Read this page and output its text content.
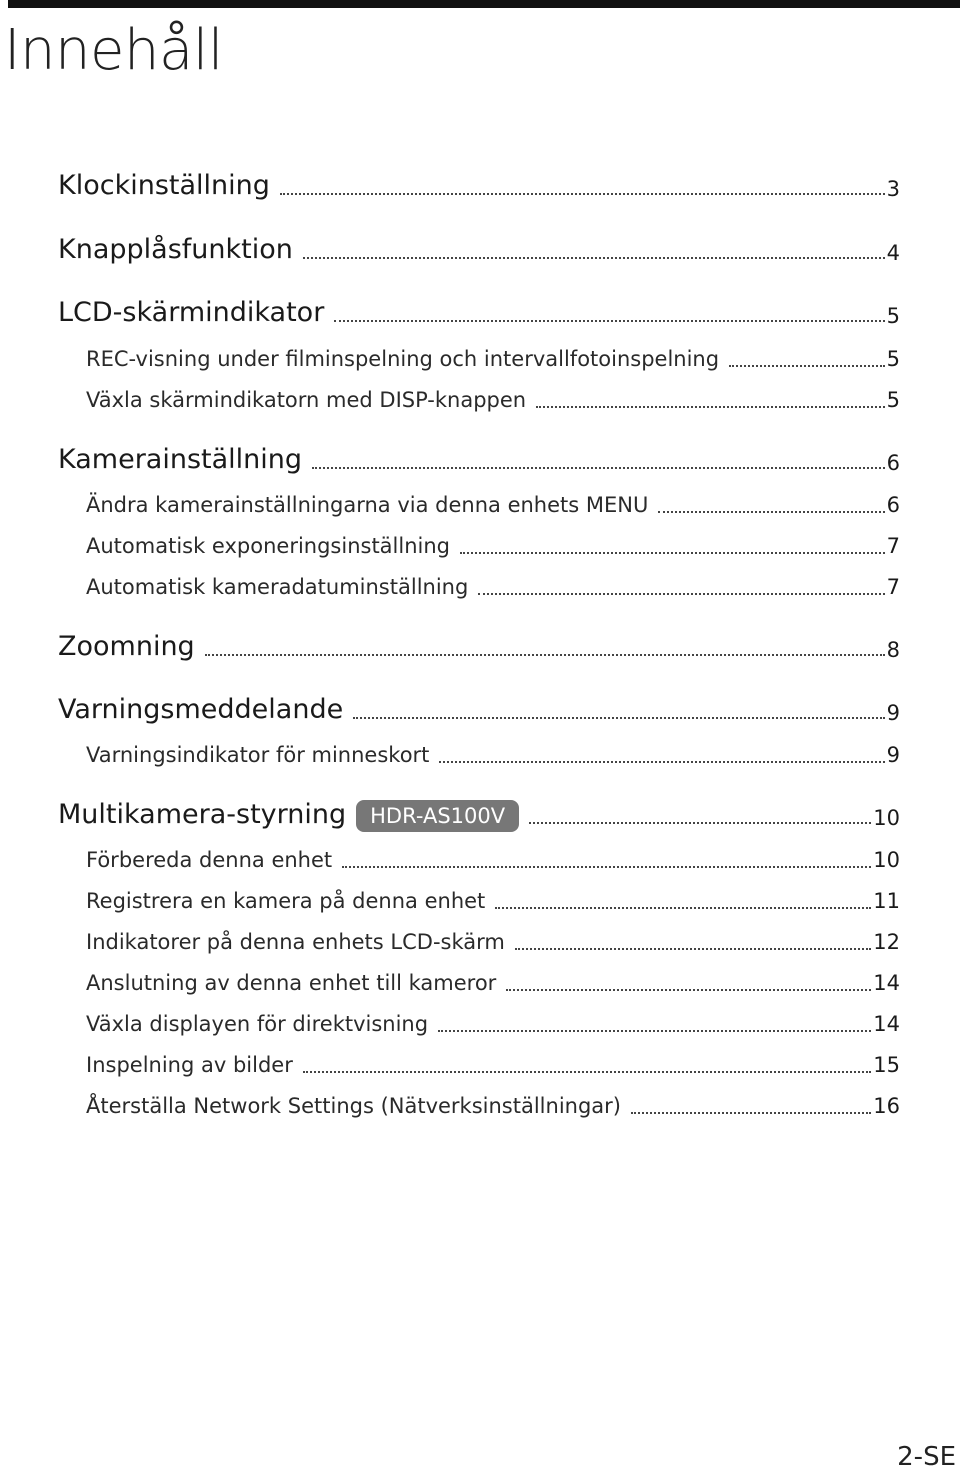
Innehåll
Klockinställning	3
Knapplåsfunktion	4
LCD-skärmindikator	5
REC-visning under filminspelning och intervallfotoinspelning	5
Växla skärmindikatorn med DISP-knappen	5
Kamerainställning	6
Ändra kamerainställningarna via denna enhets MENU	6
Automatisk exponeringsinställning	7
Automatisk kameradatuminställning	7
Zoomning	8
Varningsmeddelande	9
Varningsindikator för minneskort	9
Multikamera-styrning	HDR-AS100V	10
Förbereda denna enhet	10
Registrera en kamera på denna enhet	11
Indikatorer på denna enhets LCD-skärm	12
Anslutning av denna enhet till kameror	14
Växla displayen för direktvisning	14
Inspelning av bilder	15
Återställa Network Settings (Nätverksinställningar)	16
2-SE
